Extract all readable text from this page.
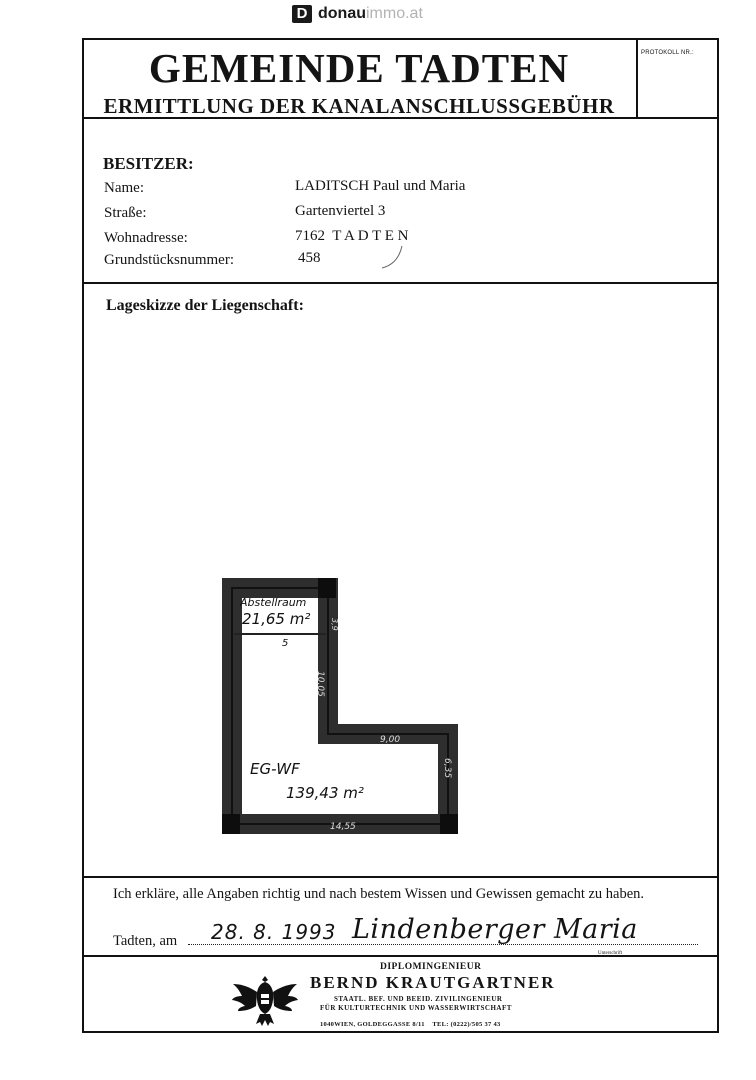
D donau immo.at
PROTOKOLL NR.:
GEMEINDE TADTEN
ERMITTLUNG DER KANALANSCHLUSSGEBÜHR
BESITZER:
Name:	LADITSCH Paul und Maria
Straße:	Gartenviertel 3
Wohnadresse:	7162  T A D T E N
Grundstücksnummer:	458
Lageskizze der Liegenschaft:
Abstellraum
21,65 m²
5
EG-WF
139,43 m²
9,00
14,55
3,9
10,05
6,35
Ich erkläre, alle Angaben richtig und nach bestem Wissen und Gewissen gemacht zu haben.
Tadten, am 28. 8. 1993 Lindenberger Maria
Unterschrift
DIPLOMINGENIEUR
BERND KRAUTGARTNER
STAATL. BEF. UND BEEID. ZIVILINGENIEUR
FÜR KULTURTECHNIK UND WASSERWIRTSCHAFT
1040WIEN, GOLDEGGASSE 8/11    TEL: (0222)/505 37 43
